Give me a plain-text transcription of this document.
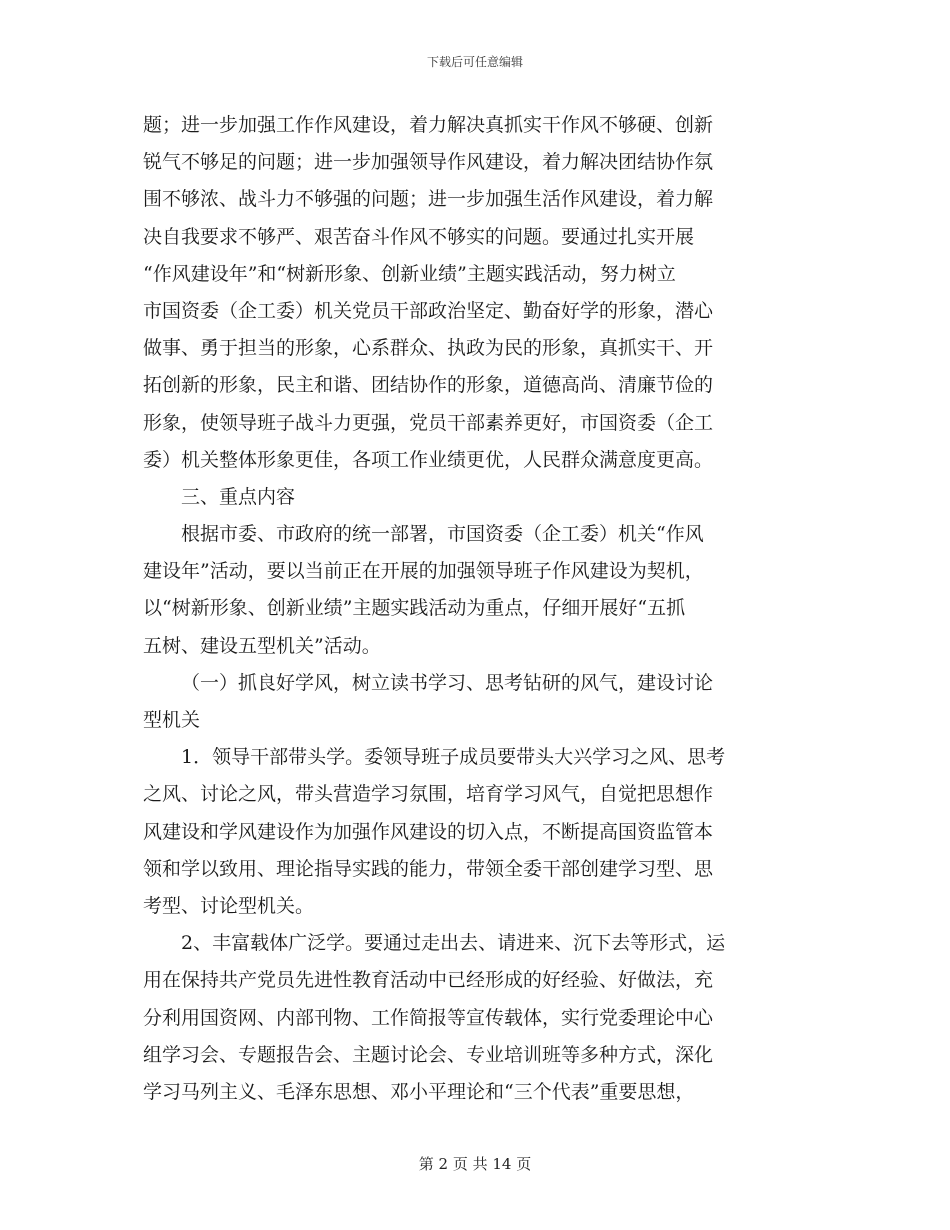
下载后可任意编辑
题；进一步加强工作作风建设，着力解决真抓实干作风不够硬、创新
锐气不够足的问题；进一步加强领导作风建设，着力解决团结协作氛
围不够浓、战斗力不够强的问题；进一步加强生活作风建设，着力解
决自我要求不够严、艰苦奋斗作风不够实的问题。要通过扎实开展
“作风建设年”和“树新形象、创新业绩”主题实践活动，努力树立
市国资委（企工委）机关党员干部政治坚定、勤奋好学的形象，潜心
做事、勇于担当的形象，心系群众、执政为民的形象，真抓实干、开
拓创新的形象，民主和谐、团结协作的形象，道德高尚、清廉节俭的
形象，使领导班子战斗力更强，党员干部素养更好，市国资委（企工
委）机关整体形象更佳，各项工作业绩更优，人民群众满意度更高。
三、重点内容
根据市委、市政府的统一部署，市国资委（企工委）机关“作风
建设年”活动，要以当前正在开展的加强领导班子作风建设为契机，
以“树新形象、创新业绩”主题实践活动为重点，仔细开展好“五抓
五树、建设五型机关”活动。
（一）抓良好学风，树立读书学习、思考钻研的风气，建设讨论
型机关
1．领导干部带头学。委领导班子成员要带头大兴学习之风、思考
之风、讨论之风，带头营造学习氛围，培育学习风气，自觉把思想作
风建设和学风建设作为加强作风建设的切入点，不断提高国资监管本
领和学以致用、理论指导实践的能力，带领全委干部创建学习型、思
考型、讨论型机关。
2、丰富载体广泛学。要通过走出去、请进来、沉下去等形式，运
用在保持共产党员先进性教育活动中已经形成的好经验、好做法，充
分利用国资网、内部刊物、工作简报等宣传载体，实行党委理论中心
组学习会、专题报告会、主题讨论会、专业培训班等多种方式，深化
学习马列主义、毛泽东思想、邓小平理论和“三个代表”重要思想，
第 2 页 共 14 页
